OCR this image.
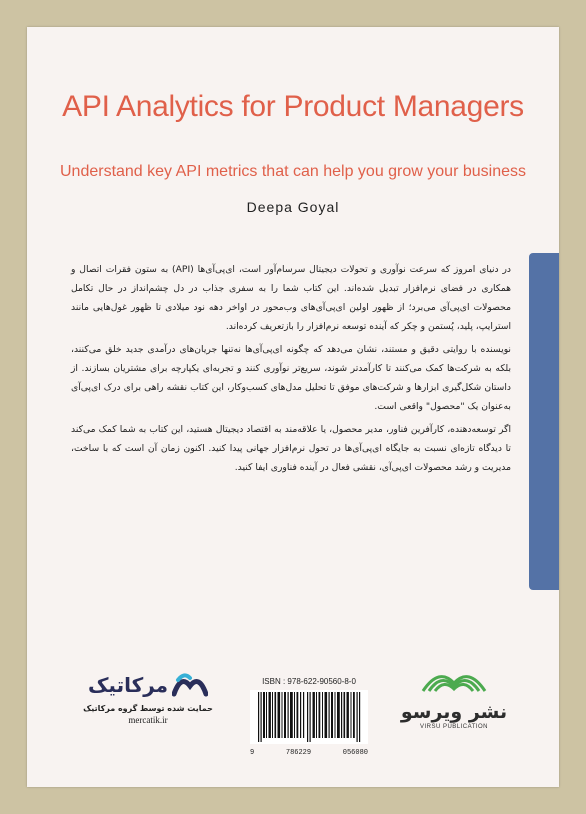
API Analytics for Product Managers
Understand key API metrics that can help you grow your business
Deepa Goyal

در دنیای امروز که سرعت نوآوری و تحولات دیجیتال سرسام‌آور است، ای‌پی‌آی‌ها (API) به ستون فقرات اتصال و همکاری در فضای نرم‌افزار تبدیل شده‌اند. این کتاب شما را به سفری جذاب در دل چشم‌انداز در حال تکامل محصولات ای‌پی‌آی می‌برد؛ از ظهور اولین ای‌پی‌آی‌های وب‌محور در اواخر دهه نود میلادی تا ظهور غول‌هایی مانند استرایپ، پلید، پُستمن و چکر که آینده توسعه نرم‌افزار را بازتعریف کرده‌اند.

نویسنده با روایتی دقیق و مستند، نشان می‌دهد که چگونه ای‌پی‌آی‌ها نه‌تنها جریان‌های درآمدی جدید خلق می‌کنند، بلکه به شرکت‌ها کمک می‌کنند تا کارآمدتر شوند، سریع‌تر نوآوری کنند و تجربه‌ای یکپارچه برای مشتریان بسازند. از داستان شکل‌گیری ابزارها و شرکت‌های موفق تا تحلیل مدل‌های کسب‌وکار، این کتاب نقشه راهی برای درک ای‌پی‌آی به‌عنوان یک "محصول" واقعی است.

اگر توسعه‌دهنده، کارآفرین فناور، مدیر محصول، یا علاقه‌مند به اقتصاد دیجیتال هستید، این کتاب به شما کمک می‌کند تا دیدگاه تازه‌ای نسبت به جایگاه ای‌پی‌آی‌ها در تحول نرم‌افزار جهانی پیدا کنید. اکنون زمان آن است که با ساخت، مدیریت و رشد محصولات ای‌پی‌آی، نقشی فعال در آینده فناوری ایفا کنید.

مرکاتیک
حمایت شده توسط گروه مرکاتیک
mercatik.ir
ISBN : 978-622-90560-8-0
9	786229	056080
نشر ویرسو
VIRSU PUBLICATION
